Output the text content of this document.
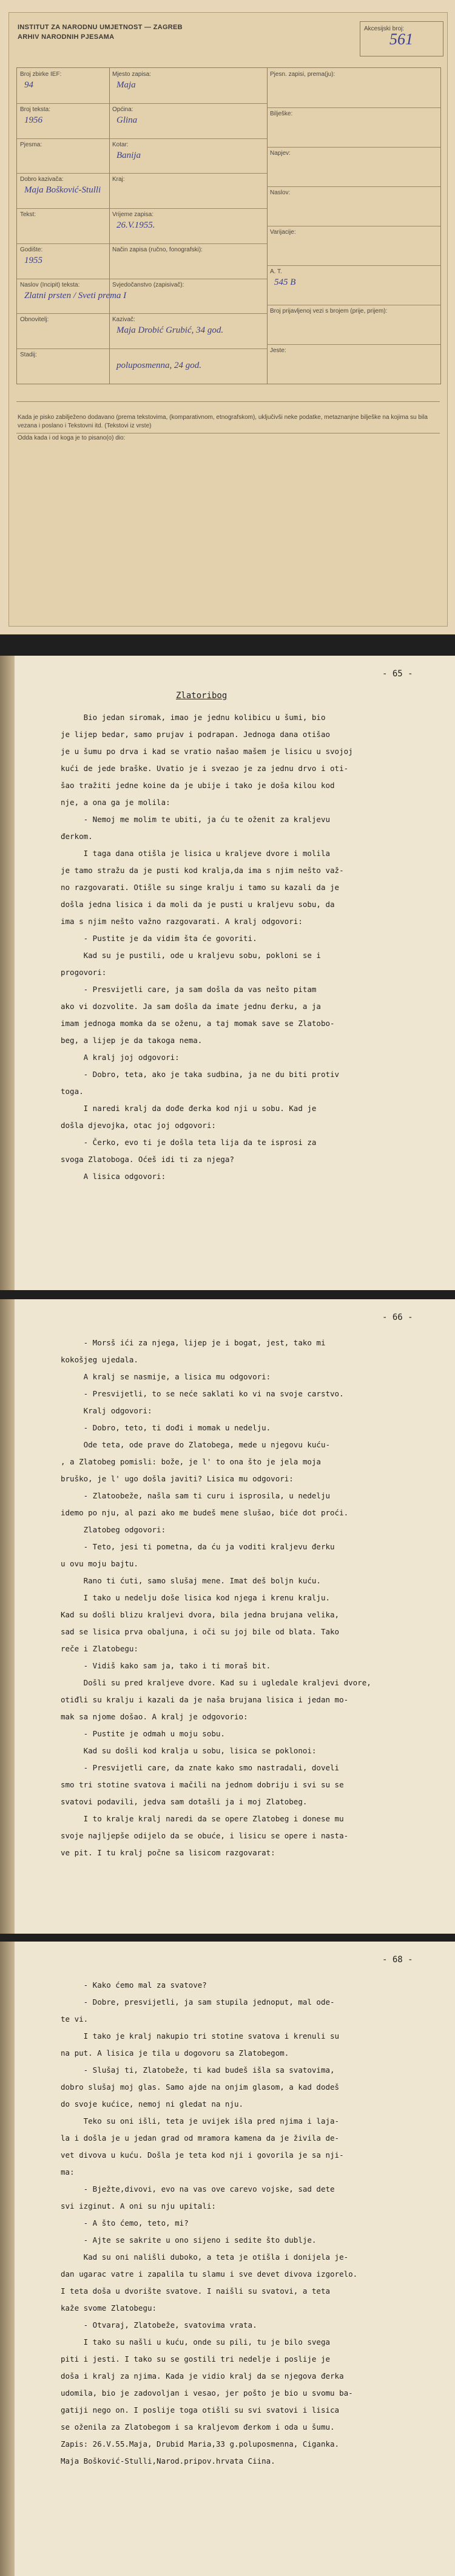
INSTITUT ZA NARODNU UMJETNOST — ZAGREB
ARHIV NARODNIH PJESAMA
Akcesijski broj:
561
Broj zbirke IEF:
94
Broj teksta:
1956
Pjesma:
Dobro kazivača:
Maja Bošković-Stulli
Tekst:
Godište:
1955
Naslov (Incipit) teksta:
Zlatni prsten / Sveti prema I
Obnovitelj:
Stadij:
Mjesto zapisa:
Maja
Općina:
Glina
Kotar:
Banija
Kraj:
Vrijeme zapisa:
26.V.1955.
Način zapisa (ručno, fonografski):
Svjedočanstvo (zapisivač):
Kazivač:
Maja Drobić Grubić, 34 god.
poluposmenna, 24 god.
Pjesn. zapisi, prema(ju):
Bilješke:
Napjev:
Naslov:
Varijacije:
A. T.
545 B
Broj prijavljenoj vezi s brojem (prije, prijem):
Jeste:
Kada je pisko zabilježeno dodavano (prema tekstovima, (komparativnom, etnografskom), uključivši neke podatke, metaznanjne bilješke na kojima su bila vezana i poslano i Tekstovni itd. (Tekstovi iz vrste)
Odda kada i od koga je to pisano(o) dio:
- 65 -
Zlatoribog
Bio jedan siromak, imao je jednu kolibicu u šumi, bio
je lijep bedar, samo prujav i podrapan. Jednoga dana otišao
je u šumu po drva i kad se vratio našao mašem je lisicu u svojoj
kući de jede braške. Uvatio je i svezao je za jednu drvo i oti-
šao tražiti jedne koine da je ubije i tako je doša kilou kod
nje, a ona ga je molila:
- Nemoj me molim te ubiti, ja ću te oženit za kraljevu
đerkom.
I taga dana otišla je lisica u kraljeve dvore i molila
je tamo stražu da je pusti kod kralja,da ima s njim nešto važ-
no razgovarati. Otišle su singe kralju i tamo su kazali da je
došla jedna lisica i da moli da je pusti u kraljevu sobu, da
ima s njim nešto važno razgovarati. A kralj odgovori:
- Pustite je da vidim šta će govoriti.
Kad su je pustili, ode u kraljevu sobu, pokloni se i
progovori:
- Presvijetli care, ja sam došla da vas nešto pitam
ako vi dozvolite. Ja sam došla da imate jednu đerku, a ja
imam jednoga momka da se oženu, a taj momak save se Zlatobo-
beg, a lijep je da takoga nema.
A kralj joj odgovori:
- Dobro, teta, ako je taka sudbina, ja ne du biti protiv
toga.
I naredi kralj da dođe đerka kod nji u sobu. Kad je
došla djevojka, otac joj odgovori:
- Čerko, evo ti je došla teta lija da te isprosi za
svoga Zlatoboga. Oćeš idi ti za njega?
A lisica odgovori:
- 66 -
- Morsš ići za njega, lijep je i bogat, jest, tako mi
kokošjeg ujedala.
A kralj se nasmije, a lisica mu odgovori:
- Presvijetli, to se neće saklati ko vi na svoje carstvo.
Kralj odgovori:
- Dobro, teto, ti dođi i momak u nedelju.
Ode teta, ode prave do Zlatobega, mede u njegovu kuću-
, a Zlatobeg pomisli: bože, je l' to ona što je jela moja
bruško, je l' ugo došla javiti? Lisica mu odgovori:
- Zlatoobeže, našla sam ti curu i isprosila, u nedelju
idemo po nju, al pazi ako me budeš mene slušao, biće dot proći.
Zlatobeg odgovori:
- Teto, jesi ti pometna, da ću ja voditi kraljevu đerku
u ovu moju bajtu.
Rano ti ćuti, samo slušaj mene. Imat deš boljn kuću.
I tako u nedelju doše lisica kod njega i krenu kralju.
Kad su došli blizu kraljevi dvora, bila jedna bruјana velika,
sad se lisica prva obaljuna, i oči su joj bile od blata. Tako
reče i Zlatobegu:
- Vidiš kako sam ja, tako i ti moraš bit.
Došli su pred kraljeve dvore. Kad su i ugledale kraljevi dvore,
otiđli su kralju i kazali da je naša bruјana lisica i jedan mo-
mak sa njome došao. A kralj je odgovorio:
- Pustite je odmah u moju sobu.
Kad su došli kod kralja u sobu, lisica se poklonoi:
- Presvijetli care, da znate kako smo nastradali, doveli
smo tri stotine svatova i mačili na jednom dobriju i svi su se
svatovi podavili, jedva sam dotašli ja i moj Zlatobeg.
I to kralje kralj naredi da se opere Zlatobeg i donese mu
svoje najljepše odijelo da se obuće, i lisicu se opere i nasta-
ve pit. I tu kralj počne sa lisicom razgovarat:
- 68 -
- Kako ćemo mal za svatove?
- Dobre, presvijetli, ja sam stupila jednoput, mal ode-
te vi.
I tako je kralj nakupio tri stotine svatova i krenuli su
na put. A lisica je tila u dogovoru sa Zlatobegom.
- Slušaj ti, Zlatobeže, ti kad budeš išla sa svatovima,
dobro slušaj moj glas. Samo ajde na onjim glasom, a kad dodeš
do svoje kućice, nemoj ni gledat na nju.
Teko su oni išli, teta je uvijek išla pred njima i laja-
la i došla je u jedan grad od mramora kamena da je živila de-
vet divova u kuću. Došla je teta kod nji i govorila je sa nji-
ma:
- Bježte,divovi, evo na vas ove carevo vojske, sad dete
svi izginut. A oni su nju upitali:
- A što ćemo, teto, mi?
- Ajte se sakrite u ono sijeno i sedite što dublje.
Kad su oni nališli duboko, a teta je otišla i donijela je-
dan ugarac vatre i zapalila tu slamu i sve devet divova izgorelo.
I teta doša u dvorište svatove. I naišli su svatovi, a teta
kaže svome Zlatobegu:
- Otvaraj, Zlatobeže, svatovima vrata.
I tako su našli u kuću, onde su pili, tu je bilo svega
piti i jesti. I tako su se gostili tri nedelje i poslije je
doša i kralj za njima. Kada je vidio kralj da se njegova đerka
udomila, bio je zadovoljan i vesao, jer pošto je bio u svomu ba-
gatiji nego on. I poslije toga otišli su svi svatovi i lisica
se oženila za Zlatobegom i sa kraljevom đerkom i oda u šumu.
Zapis: 26.V.55.Maja, Drubid Maria,33 g.poluposmenna, Ciganka.
Maja Bošković-Stulli,Narod.pripov.hrvata Ciina.
